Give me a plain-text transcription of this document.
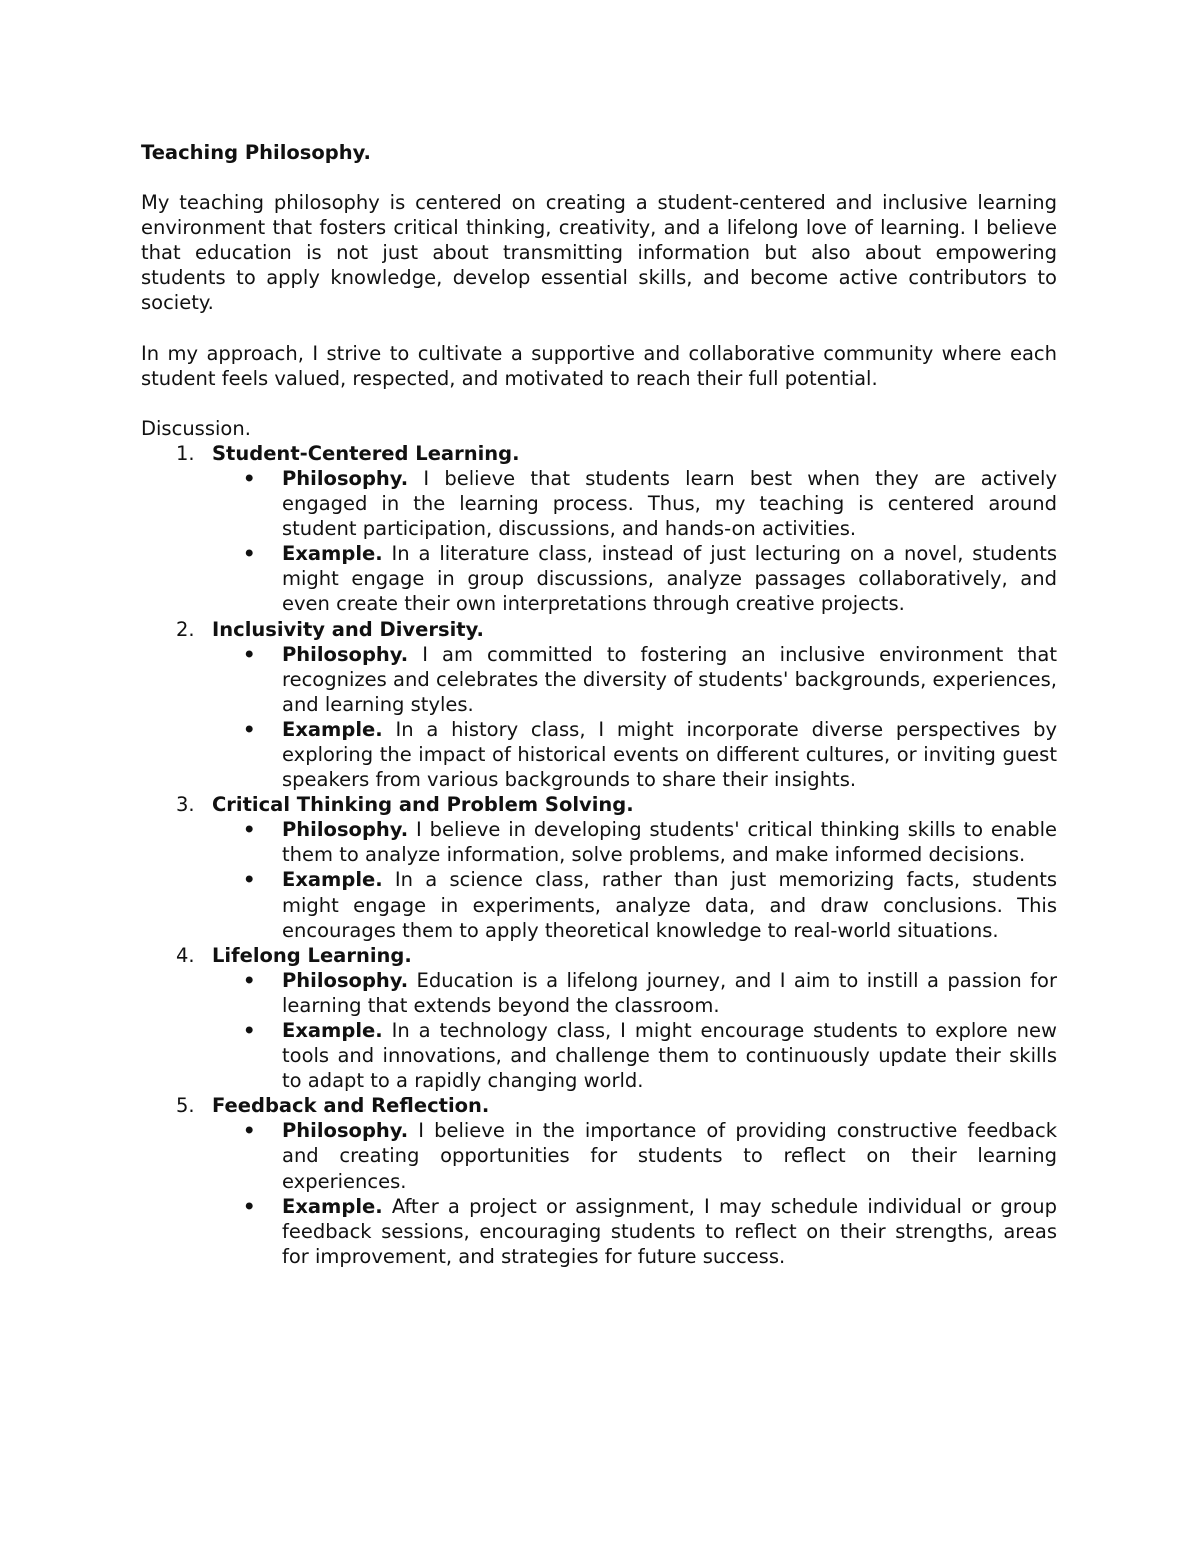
Teaching Philosophy.

My teaching philosophy is centered on creating a student-centered and inclusive learning environment that fosters critical thinking, creativity, and a lifelong love of learning. I believe that education is not just about transmitting information but also about empowering students to apply knowledge, develop essential skills, and become active contributors to society.

In my approach, I strive to cultivate a supportive and collaborative community where each student feels valued, respected, and motivated to reach their full potential.

Discussion.

1. Student-Centered Learning.
• Philosophy. I believe that students learn best when they are actively engaged in the learning process. Thus, my teaching is centered around student participation, discussions, and hands-on activities.
• Example. In a literature class, instead of just lecturing on a novel, students might engage in group discussions, analyze passages collaboratively, and even create their own interpretations through creative projects.
2. Inclusivity and Diversity.
• Philosophy. I am committed to fostering an inclusive environment that recognizes and celebrates the diversity of students' backgrounds, experiences, and learning styles.
• Example. In a history class, I might incorporate diverse perspectives by exploring the impact of historical events on different cultures, or inviting guest speakers from various backgrounds to share their insights.
3. Critical Thinking and Problem Solving.
• Philosophy. I believe in developing students' critical thinking skills to enable them to analyze information, solve problems, and make informed decisions.
• Example. In a science class, rather than just memorizing facts, students might engage in experiments, analyze data, and draw conclusions. This encourages them to apply theoretical knowledge to real-world situations.
4. Lifelong Learning.
• Philosophy. Education is a lifelong journey, and I aim to instill a passion for learning that extends beyond the classroom.
• Example. In a technology class, I might encourage students to explore new tools and innovations, and challenge them to continuously update their skills to adapt to a rapidly changing world.
5. Feedback and Reflection.
• Philosophy. I believe in the importance of providing constructive feedback and creating opportunities for students to reflect on their learning experiences.
• Example. After a project or assignment, I may schedule individual or group feedback sessions, encouraging students to reflect on their strengths, areas for improvement, and strategies for future success.
